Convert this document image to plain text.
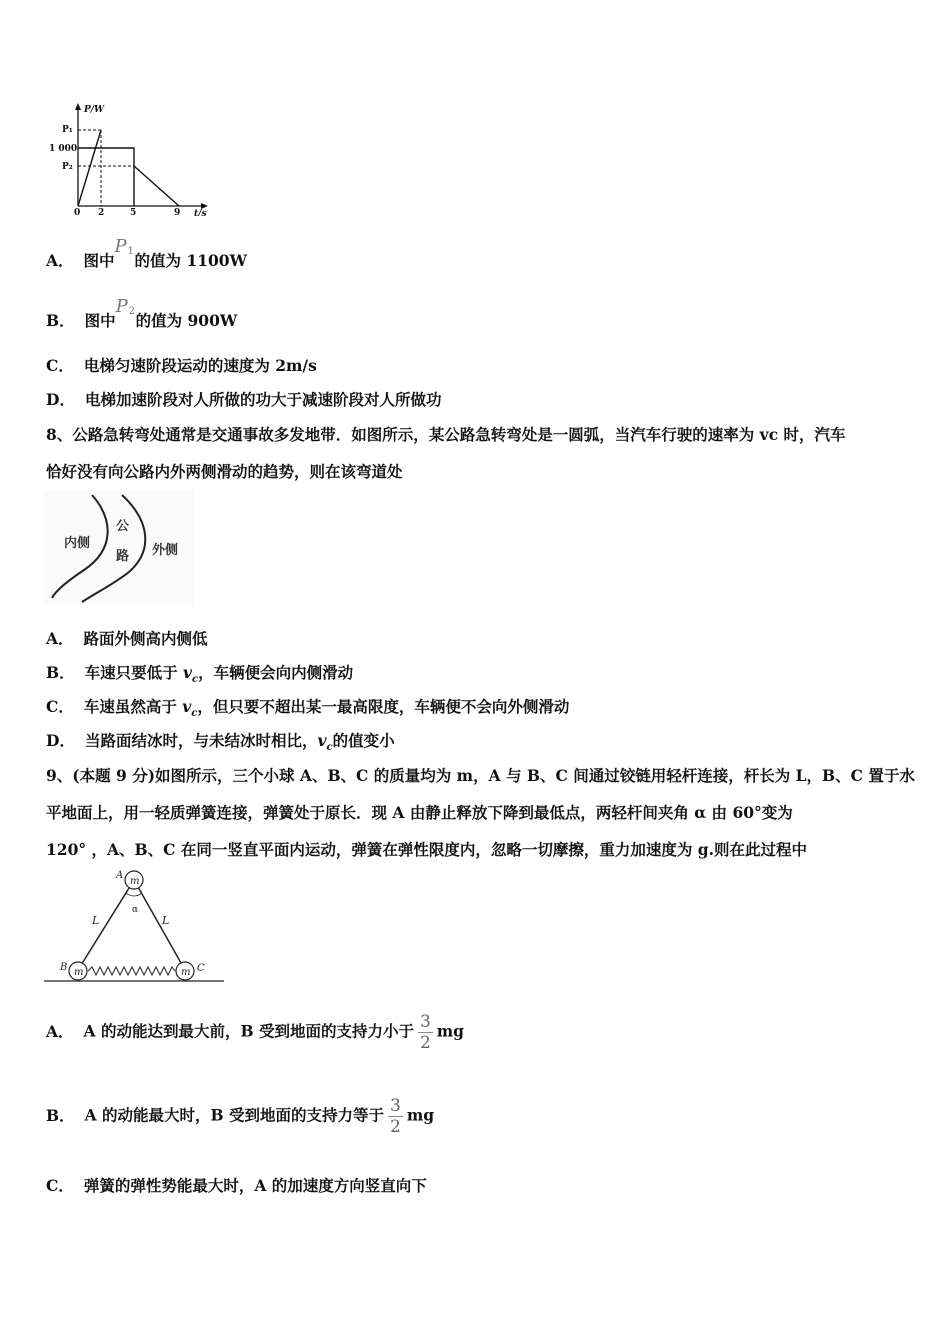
P/W
t/s
P₁
1 000
P₂
0 2	5	9
A． 图中
P 1 的值为 1100W
B． 图中
P 2 的值为 900W
C． 电梯匀速阶段运动的速度为 2m/s
D． 电梯加速阶段对人所做的功大于减速阶段对人所做功
8、公路急转弯处通常是交通事故多发地带．如图所示，某公路急转弯处是一圆弧，当汽车行驶的速率为 vc 时，汽车
恰好没有向公路内外两侧滑动的趋势，则在该弯道处
内侧
公
路 外侧
A． 路面外侧高内侧低
B． 车速只要低于 $v_c$，车辆便会向内侧滑动
C． 车速虽然高于 $v_c$，但只要不超出某一最高限度，车辆便不会向外侧滑动
D． 当路面结冰时，与未结冰时相比，$v_c$的值变小
9、(本题 9 分)如图所示，三个小球 A、B、C 的质量均为 m，A 与 B、C 间通过铰链用轻杆连接，杆长为 L，B、C 置于水
平地面上，用一轻质弹簧连接，弹簧处于原长．现 A 由静止释放下降到最低点，两轻杆间夹角 α 由 60°变为
120° ，A、B、C 在同一竖直平面内运动，弹簧在弹性限度内，忽略一切摩擦，重力加速度为 g.则在此过程中
m
m	m
A
B	C
L	L
α
A． A 的动能达到最大前，B 受到地面的支持力小于 $\frac{3}{2}$ mg
B． A 的动能最大时，B 受到地面的支持力等于 $\frac{3}{2}$ mg
C． 弹簧的弹性势能最大时，A 的加速度方向竖直向下
